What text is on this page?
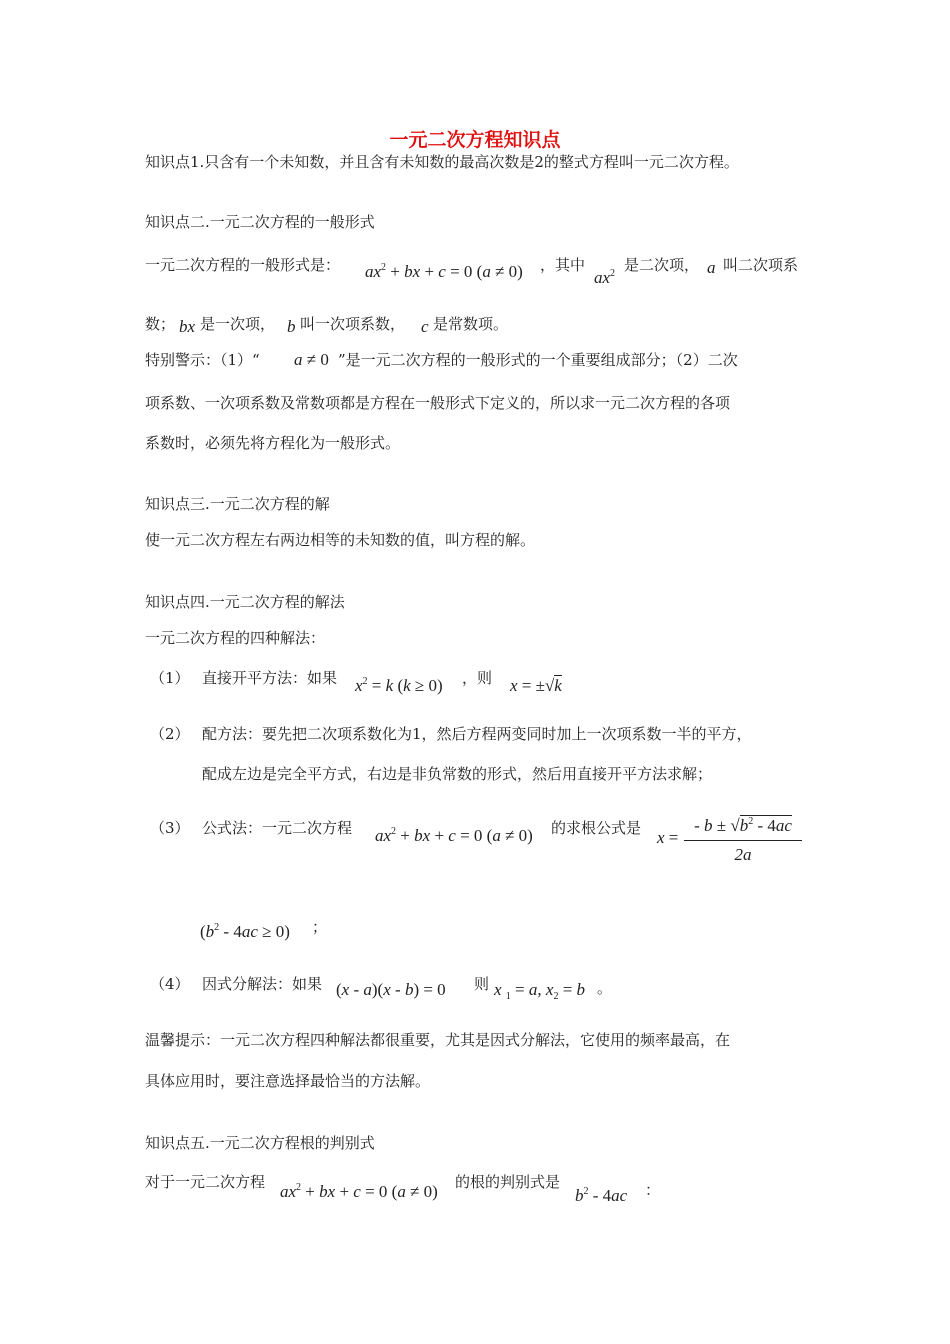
一元二次方程知识点
知识点1.只含有一个未知数，并且含有未知数的最高次数是2的整式方程叫一元二次方程。
知识点二.一元二次方程的一般形式
一元二次方程的一般形式是： $ax^2$ + bx + c = 0 (a ≠ 0) ，其中
$ax^2$ 是二次项， a 叫二次项系
数； bx 是一次项， b 叫一次项系数， c 是常数项。
特别警示：（1）“ a ≠ 0 ”是一元二次方程的一般形式的一个重要组成部分；（2）二次
项系数、一次项系数及常数项都是方程在一般形式下定义的，所以求一元二次方程的各项
系数时，必须先将方程化为一般形式。
知识点三.一元二次方程的解
使一元二次方程左右两边相等的未知数的值，叫方程的解。
知识点四.一元二次方程的解法
一元二次方程的四种解法：
（1） 直接开平方法：如果 $x^2 = k$ (k ≥ 0) ，则 x = ±√k
（2） 配方法：要先把二次项系数化为1，然后方程两变同时加上一次项系数一半的平方，
配成左边是完全平方式，右边是非负常数的形式，然后用直接开平方法求解；
（3） 公式法：一元二次方程 $ax^2$ + bx + c = 0 (a ≠ 0) 的求根公式是 x =
- $b \pm √b^2 - 4ac$
2a
$(b^2 - 4ac \ge 0)$ ；
（4） 因式分解法：如果 (x - a)(x - b) = 0 则 x $_1$ = a, $x_2 = b$ 。
温馨提示：一元二次方程四种解法都很重要，尤其是因式分解法，它使用的频率最高，在
具体应用时，要注意选择最恰当的方法解。
知识点五.一元二次方程根的判别式
对于一元二次方程 $ax^2$ + bx + c = 0 (a ≠ 0) 的根的判别式是
$b^2 - 4ac$ ：
